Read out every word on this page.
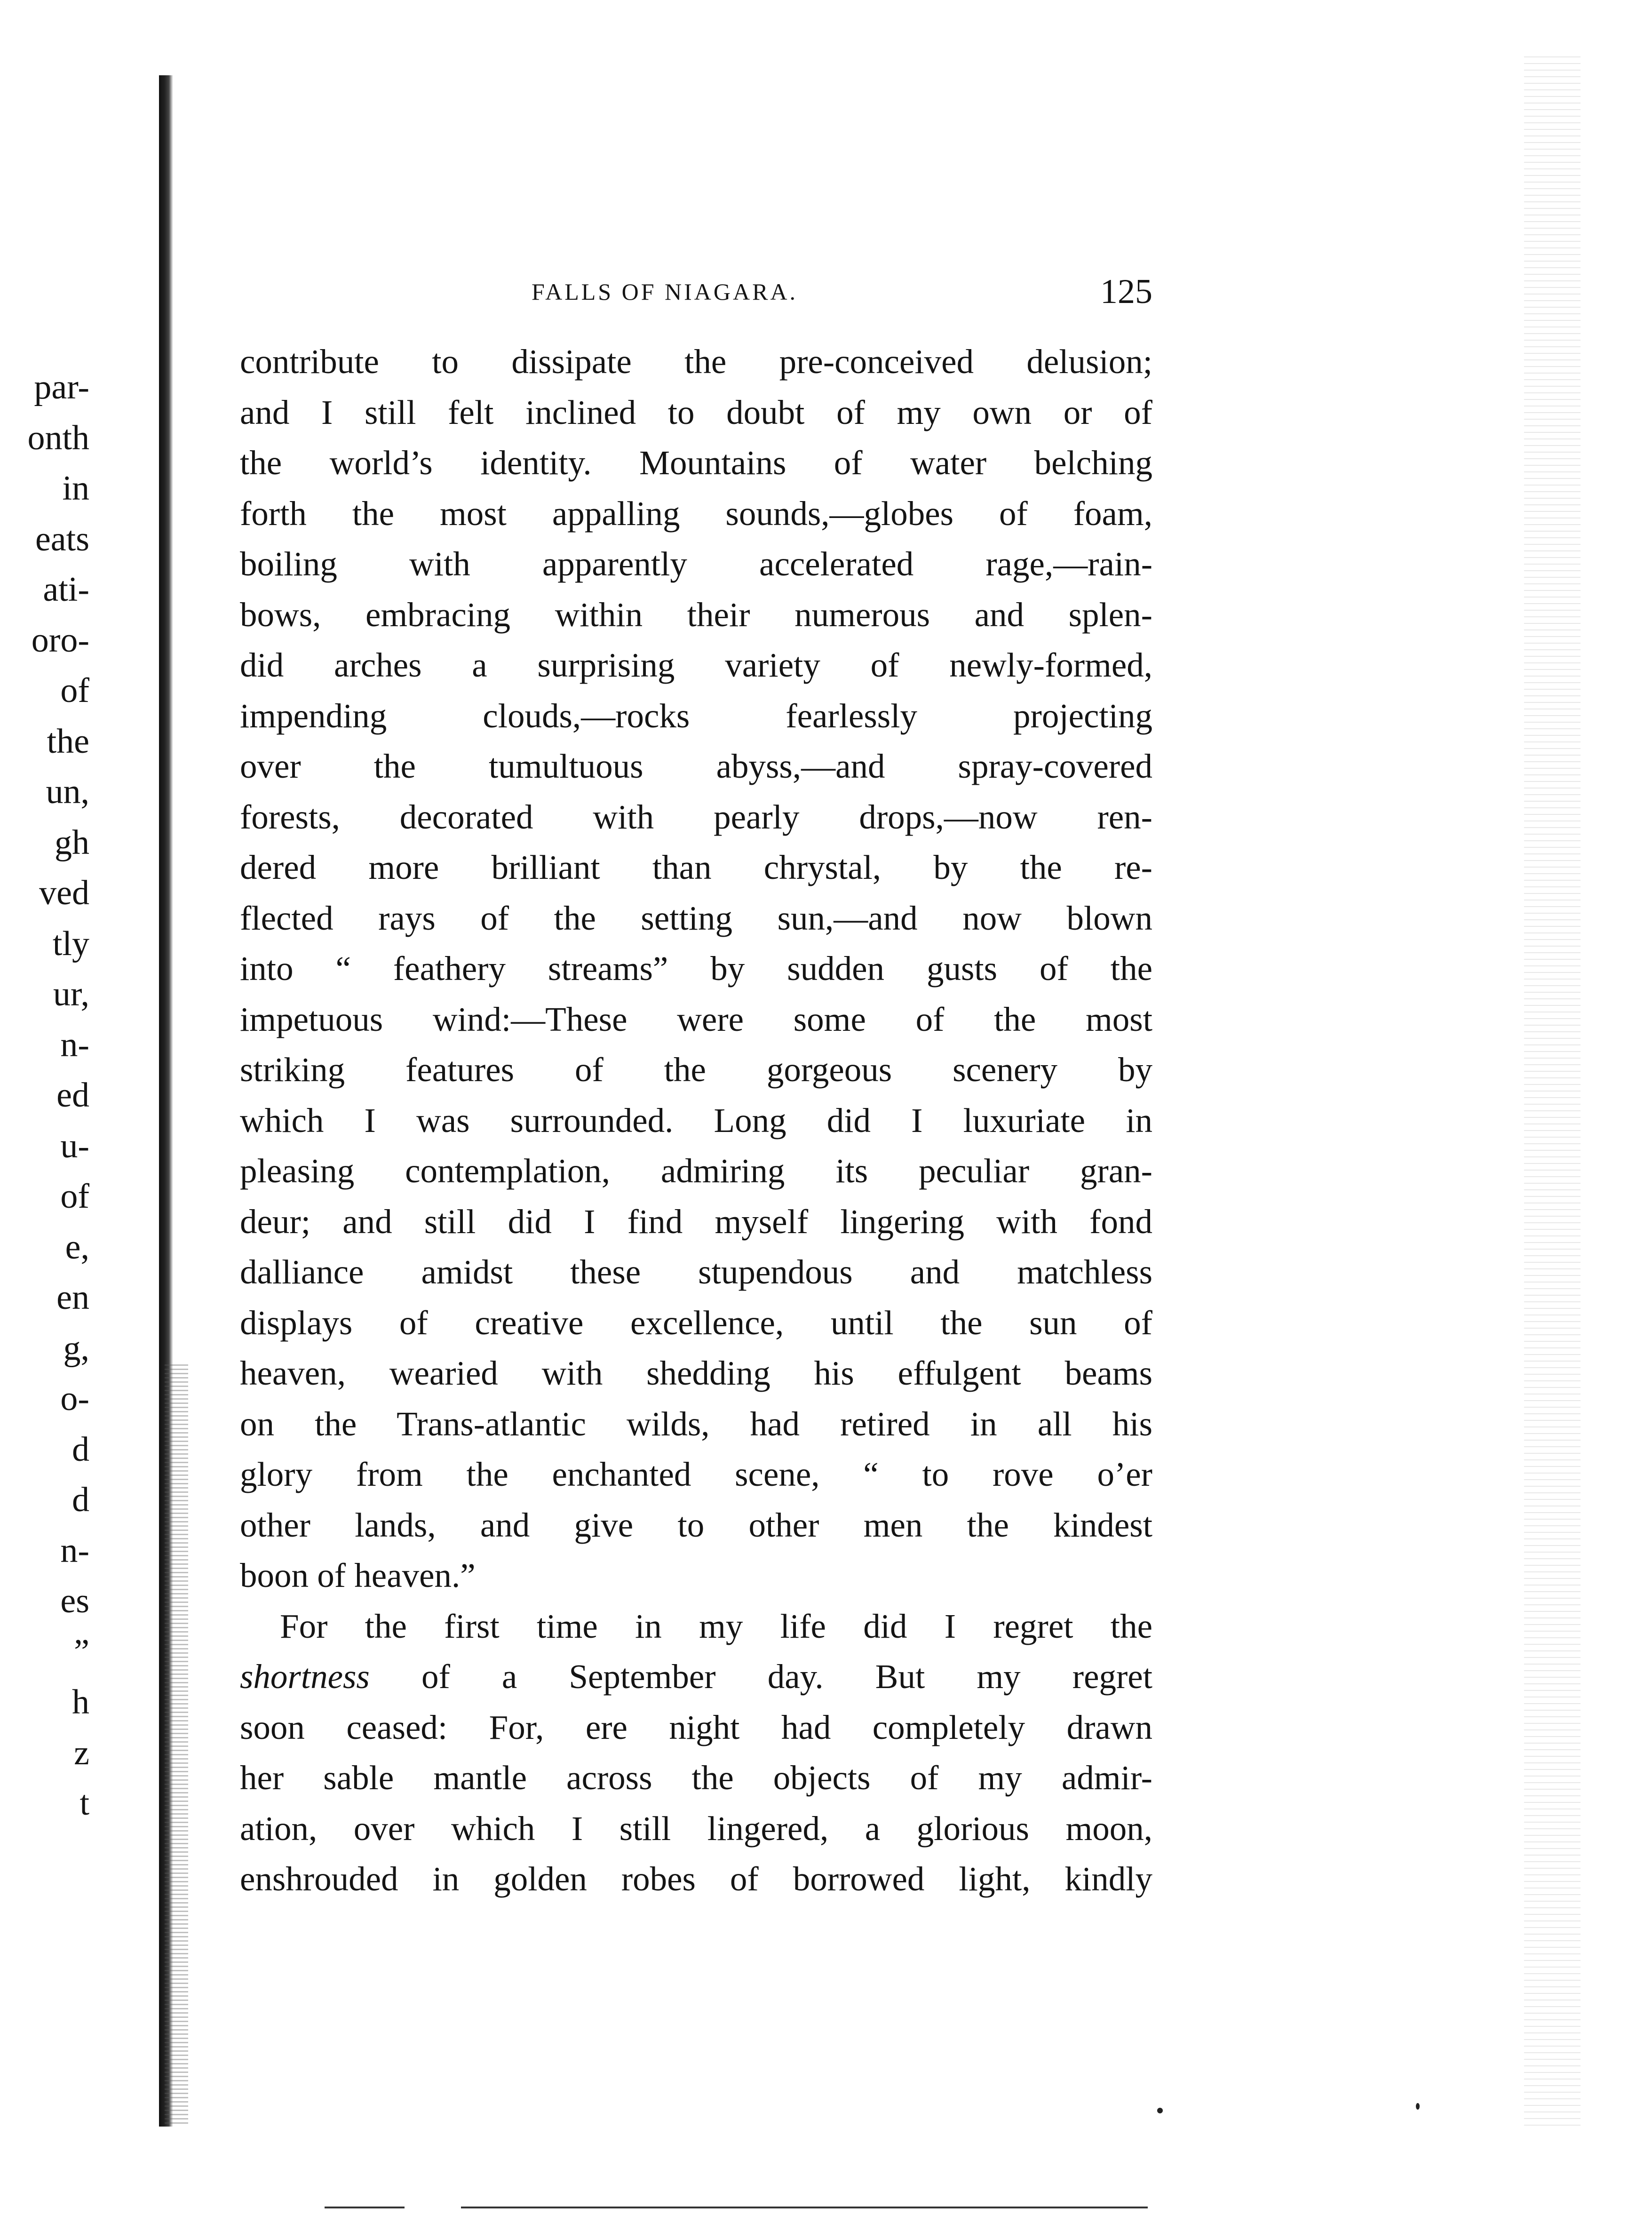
par-
onth
in
eats
ati-
oro-
of
the
un,
gh
ved
tly
ur,
n-
ed
u-
of
e,
en
g,
o-
d
d
n-
es
”
h
z
t
FALLS OF NIAGARA.	125
contribute to dissipate the pre-conceived delusion;
and I still felt inclined to doubt of my own or of
the world’s identity. Mountains of water belching
forth the most appalling sounds,—globes of foam,
boiling with apparently accelerated rage,—rain-
bows, embracing within their numerous and splen-
did arches a surprising variety of newly-formed,
impending clouds,—rocks fearlessly projecting
over the tumultuous abyss,—and spray-covered
forests, decorated with pearly drops,—now ren-
dered more brilliant than chrystal, by the re-
flected rays of the setting sun,—and now blown
into “ feathery streams” by sudden gusts of the
impetuous wind:—These were some of the most
striking features of the gorgeous scenery by
which I was surrounded. Long did I luxuriate in
pleasing contemplation, admiring its peculiar gran-
deur; and still did I find myself lingering with fond
dalliance amidst these stupendous and matchless
displays of creative excellence, until the sun of
heaven, wearied with shedding his effulgent beams
on the Trans-atlantic wilds, had retired in all his
glory from the enchanted scene, “ to rove o’er
other lands, and give to other men the kindest
boon of heaven.”
For the first time in my life did I regret the
shortness of a September day. But my regret
soon ceased: For, ere night had completely drawn
her sable mantle across the objects of my admir-
ation, over which I still lingered, a glorious moon,
enshrouded in golden robes of borrowed light, kindly
